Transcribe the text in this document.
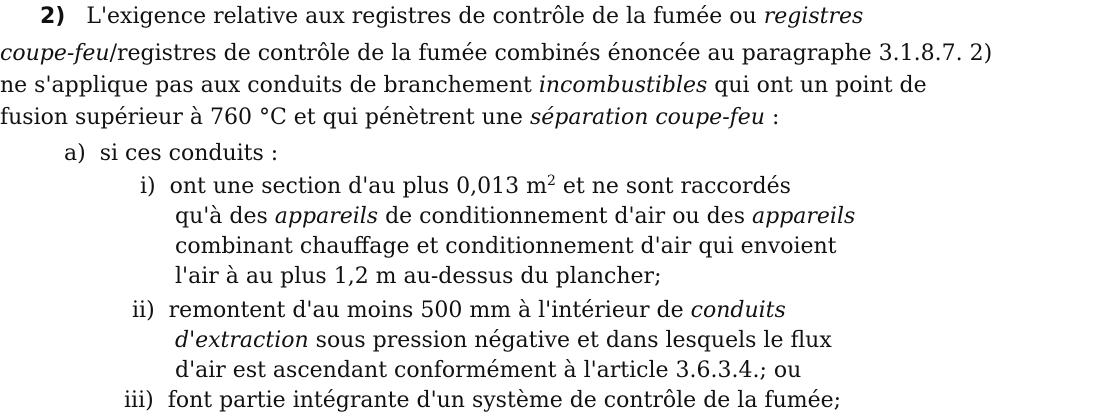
2) L'exigence relative aux registres de contrôle de la fumée ou registres
coupe-feu/registres de contrôle de la fumée combinés énoncée au paragraphe 3.1.8.7. 2)
ne s'applique pas aux conduits de branchement incombustibles qui ont un point de
fusion supérieur à 760 °C et qui pénètrent une séparation coupe-feu :
a) si ces conduits :
i) ont une section d'au plus 0,013 $m^2$ et ne sont raccordés
qu'à des appareils de conditionnement d'air ou des appareils
combinant chauffage et conditionnement d'air qui envoient
l'air à au plus 1,2 m au-dessus du plancher;
ii) remontent d'au moins 500 mm à l'intérieur de conduits
d'extraction sous pression négative et dans lesquels le flux
d'air est ascendant conformément à l'article 3.6.3.4.; ou
iii) font partie intégrante d'un système de contrôle de la fumée;
